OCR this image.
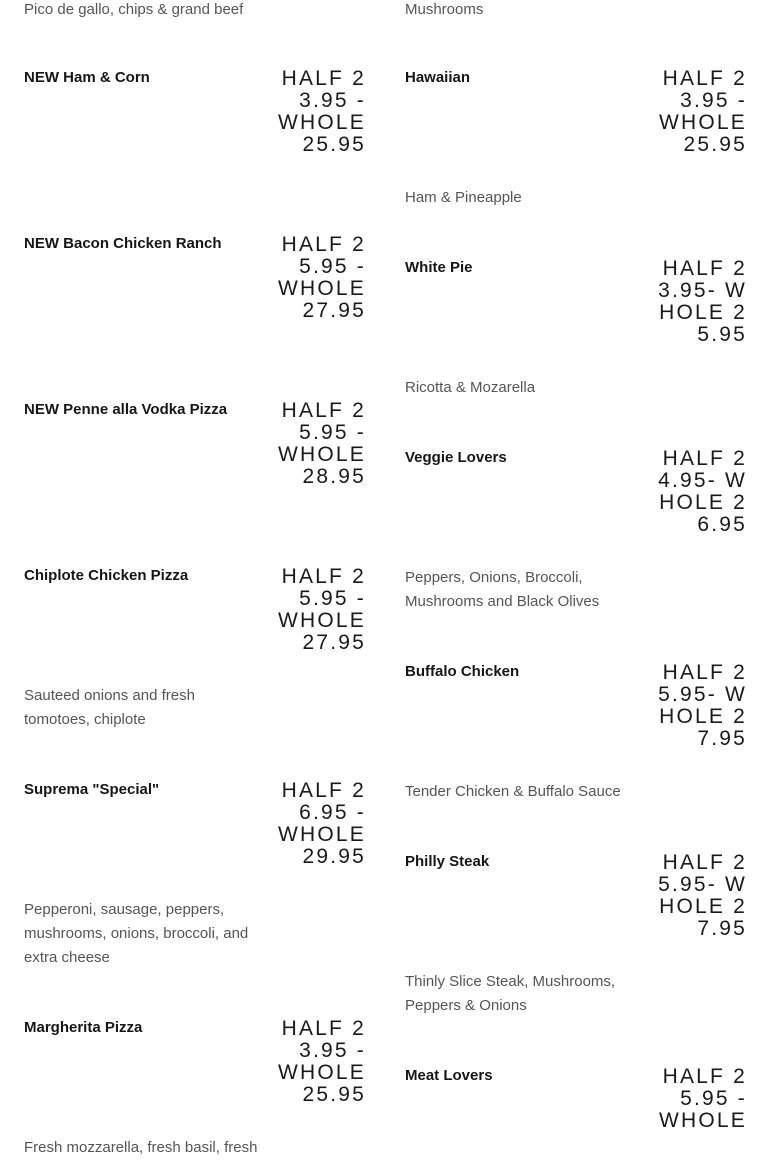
Pico de gallo, chips & grand beef
NEW Ham & Corn	HALF 23.95 - WHOLE 25.95
NEW Bacon Chicken Ranch	HALF 25.95 - WHOLE 27.95
NEW Penne alla Vodka Pizza	HALF 25.95 - WHOLE 28.95
Chiplote Chicken Pizza	HALF 25.95 - WHOLE 27.95
Sauteed onions and fresh tomotoes, chiplote
Suprema "Special"	HALF 26.95 - WHOLE 29.95
Pepperoni, sausage, peppers, mushrooms, onions, broccoli, and extra cheese
Margherita Pizza	HALF 23.95 - WHOLE 25.95
Fresh mozzarella, fresh basil, fresh
Mushrooms
Hawaiian	HALF 23.95 - WHOLE 25.95
Ham & Pineapple
White Pie	HALF 23.95- WHOLE 25.95
Ricotta & Mozarella
Veggie Lovers	HALF 24.95- WHOLE 26.95
Peppers, Onions, Broccoli, Mushrooms and Black Olives
Buffalo Chicken	HALF 25.95- WHOLE 27.95
Tender Chicken & Buffalo Sauce
Philly Steak	HALF 25.95- WHOLE 27.95
Thinly Slice Steak, Mushrooms, Peppers & Onions
Meat Lovers	HALF 25.95 - WHOLE
